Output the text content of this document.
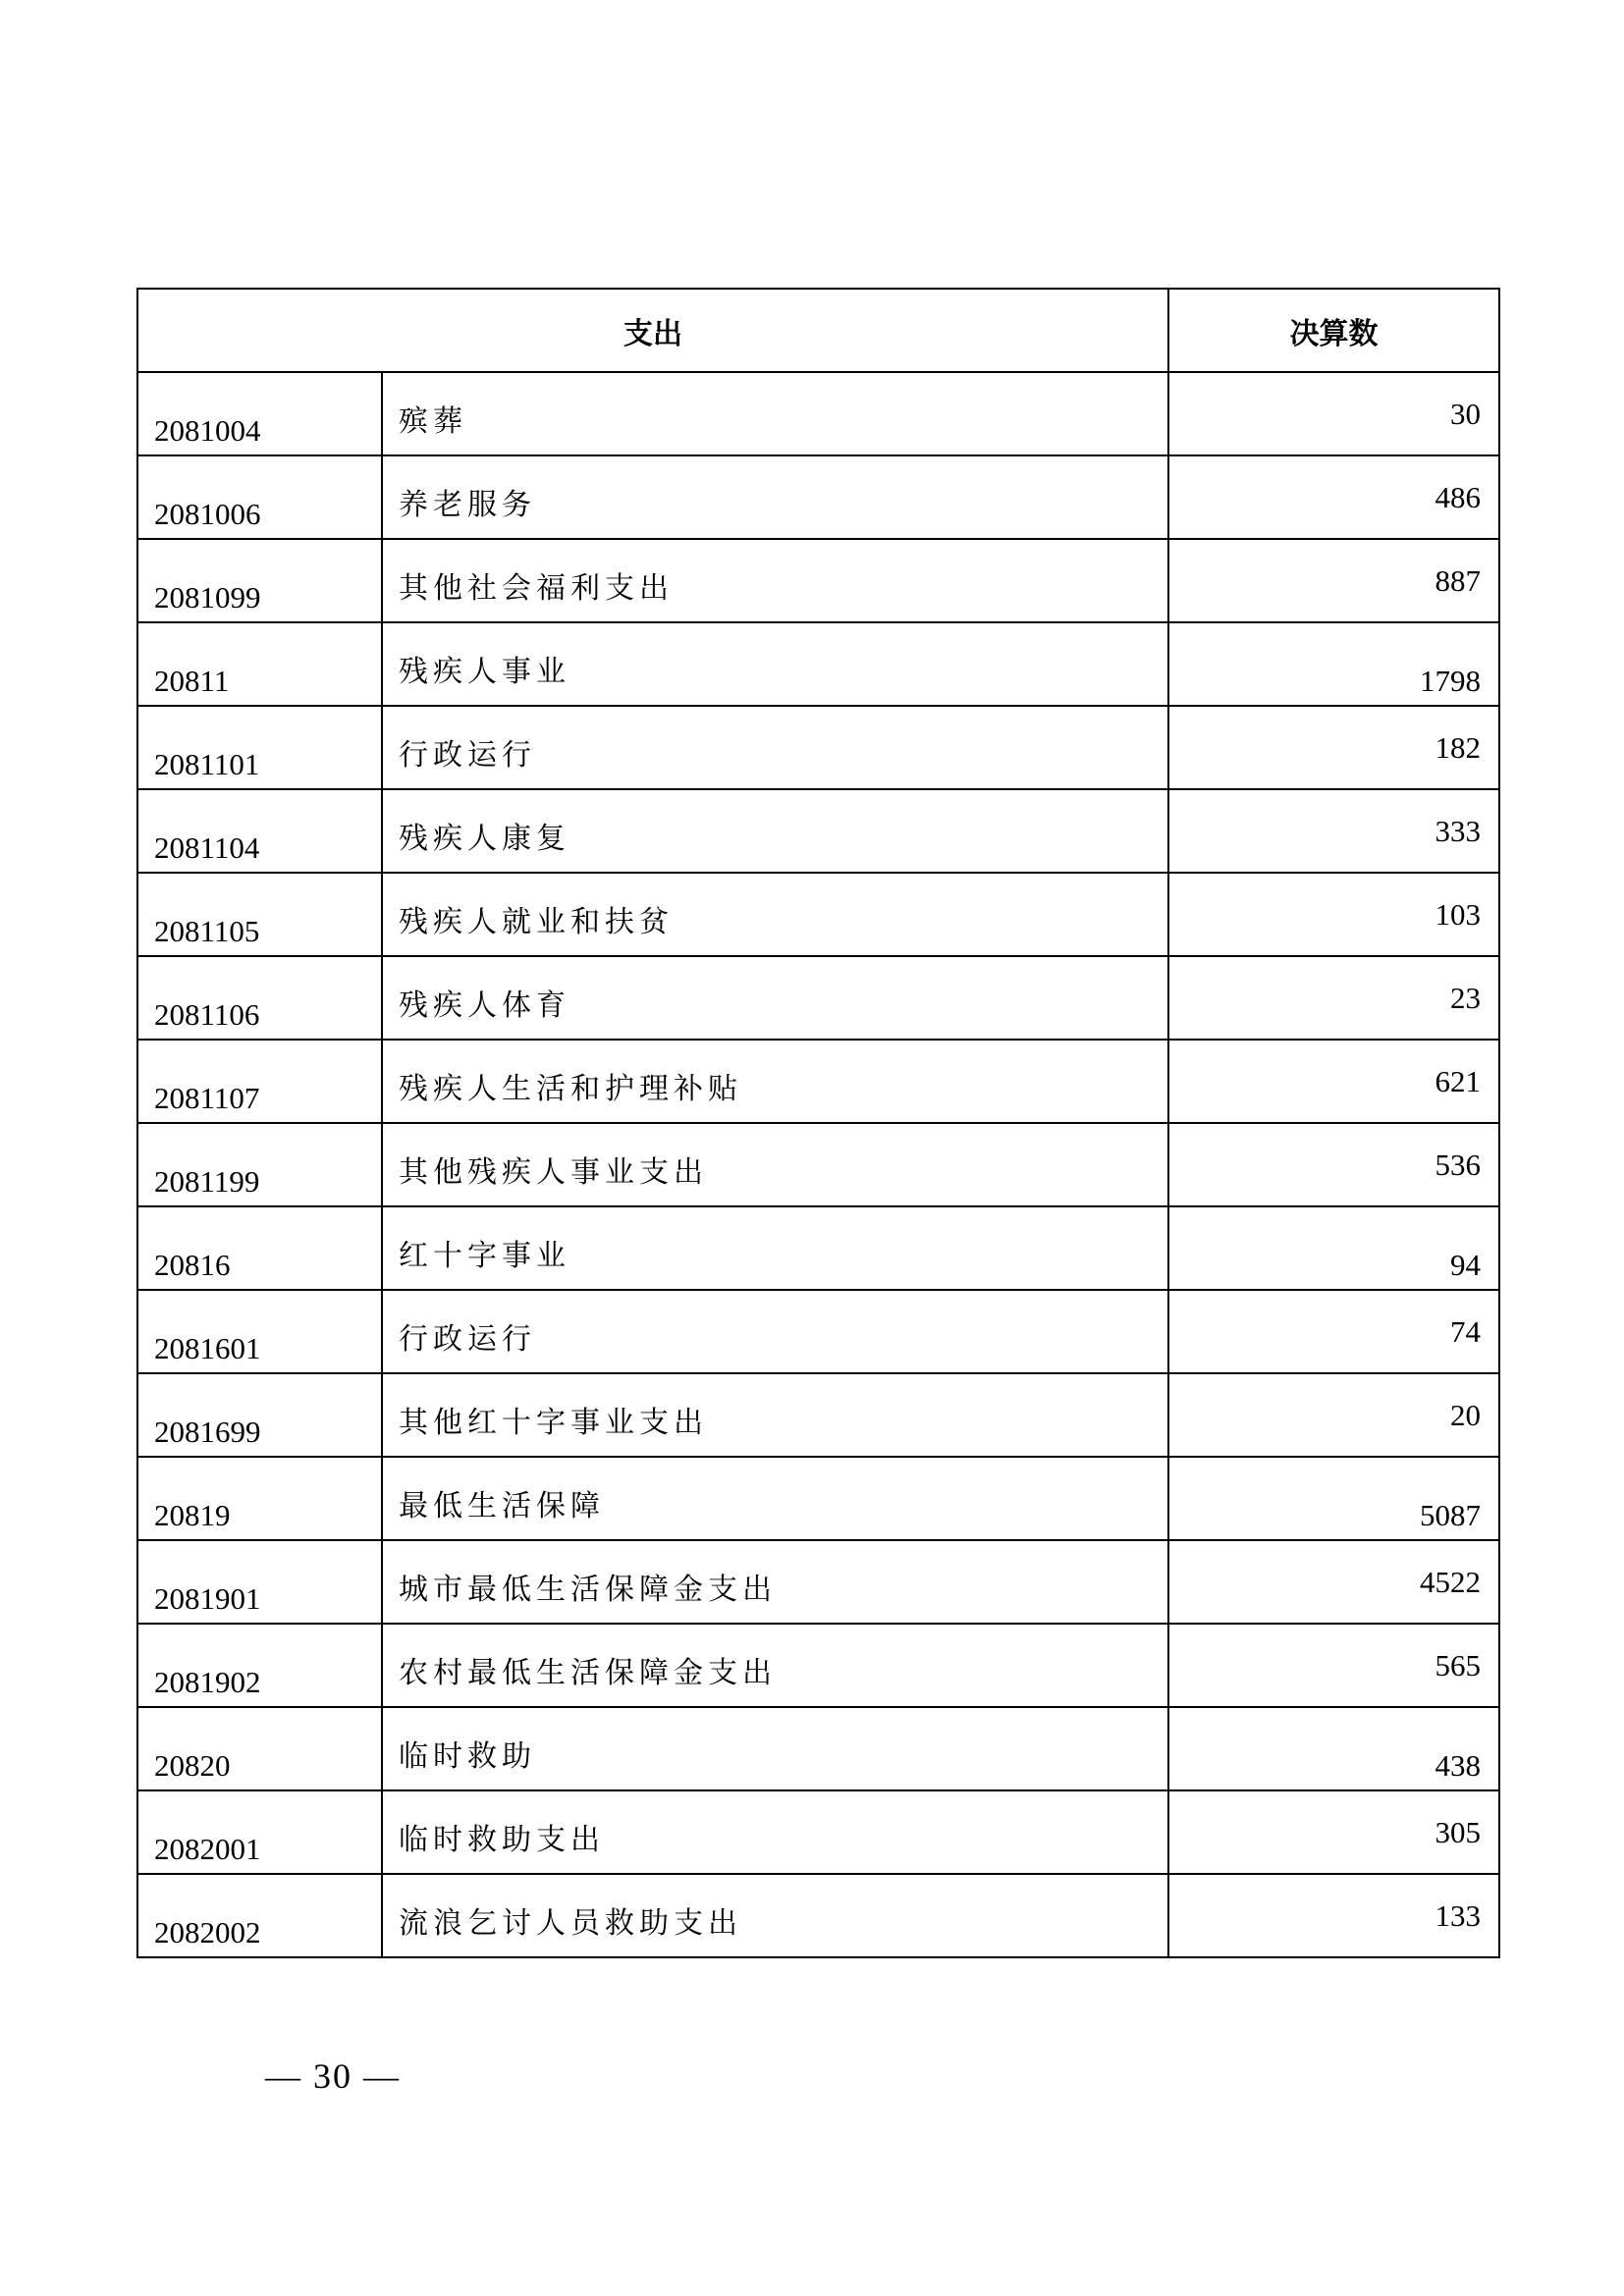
支出		决算数
2081004	殡葬	30
2081006	养老服务	486
2081099	其他社会福利支出	887
20811	残疾人事业	1798
2081101	行政运行	182
2081104	残疾人康复	333
2081105	残疾人就业和扶贫	103
2081106	残疾人体育	23
2081107	残疾人生活和护理补贴	621
2081199	其他残疾人事业支出	536
20816	红十字事业	94
2081601	行政运行	74
2081699	其他红十字事业支出	20
20819	最低生活保障	5087
2081901	城市最低生活保障金支出	4522
2081902	农村最低生活保障金支出	565
20820	临时救助	438
2082001	临时救助支出	305
2082002	流浪乞讨人员救助支出	133
— 30 —
